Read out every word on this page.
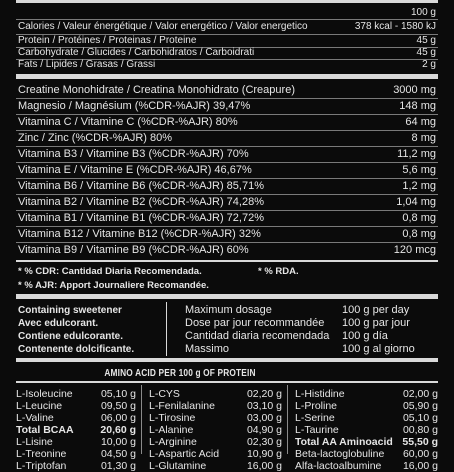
100 g
Calories / Valeur énergétique / Valor energético / Valor energetico	378 kcal - 1580 kJ
Protein / Protéines / Proteinas / Proteine	45 g
Carbohydrate / Glucides / Carbohidratos / Carboidrati	45 g
Fats / Lipides / Grasas / Grassi	2 g
Creatine Monohidrate / Creatina Monohidrato (Creapure)	3000 mg
Magnesio / Magnésium (%CDR-%AJR) 39,47%	148 mg
Vitamina C / Vitamine C (%CDR-%AJR) 80%	64 mg
Zinc / Zinc (%CDR-%AJR) 80%	8 mg
Vitamina B3 / Vitamine B3 (%CDR-%AJR) 70%	11,2 mg
Vitamina E / Vitamine E (%CDR-%AJR) 46,67%	5,6 mg
Vitamina B6 / Vitamine B6 (%CDR-%AJR) 85,71%	1,2 mg
Vitamina B2 / Vitamine B2 (%CDR-%AJR) 74,28%	1,04 mg
Vitamina B1 / Vitamine B1 (%CDR-%AJR) 72,72%	0,8 mg
Vitamina B12 / Vitamine B12 (%CDR-%AJR) 32%	0,8 mg
Vitamina B9 / Vitamine B9 (%CDR-%AJR) 60%	120 mcg
* % CDR: Cantidad Diaria Recomendada.	* % RDA.
* % AJR: Apport Journaliere Recomandée.
Containing sweetener
Avec edulcorant.
Contiene edulcorante.
Contenente dolcificante.
Maximum dosage	100 g per day
Dose par jour recommandée 100 g par jour
Cantidad diaria recomendada 100 g día
Massimo	100 g al giorno
AMINO ACID PER 100 g OF PROTEIN
L-Isoleucine	05,10 g
L-Leucine	09,50 g
L-Valine	06,00 g
Total BCAA	20,60 g
L-Lisine	10,00 g
L-Treonine	04,50 g
L-Triptofan	01,30 g
L-CYS	02,20 g
L-Fenilalanine	03,10 g
L-Tirosine	03,00 g
L-Alanine	04,90 g
L-Arginine	02,30 g
L-Aspartic Acid	10,90 g
L-Glutamine	16,00 g
L-Histidine	02,00 g
L-Proline	05,90 g
L-Serine	05,10 g
L-Taurine	00,80 g
Total AA Aminoacid 55,50 g
Beta-lactoglobuline	60,00 g
Alfa-lactoalbumine	16,00 g
